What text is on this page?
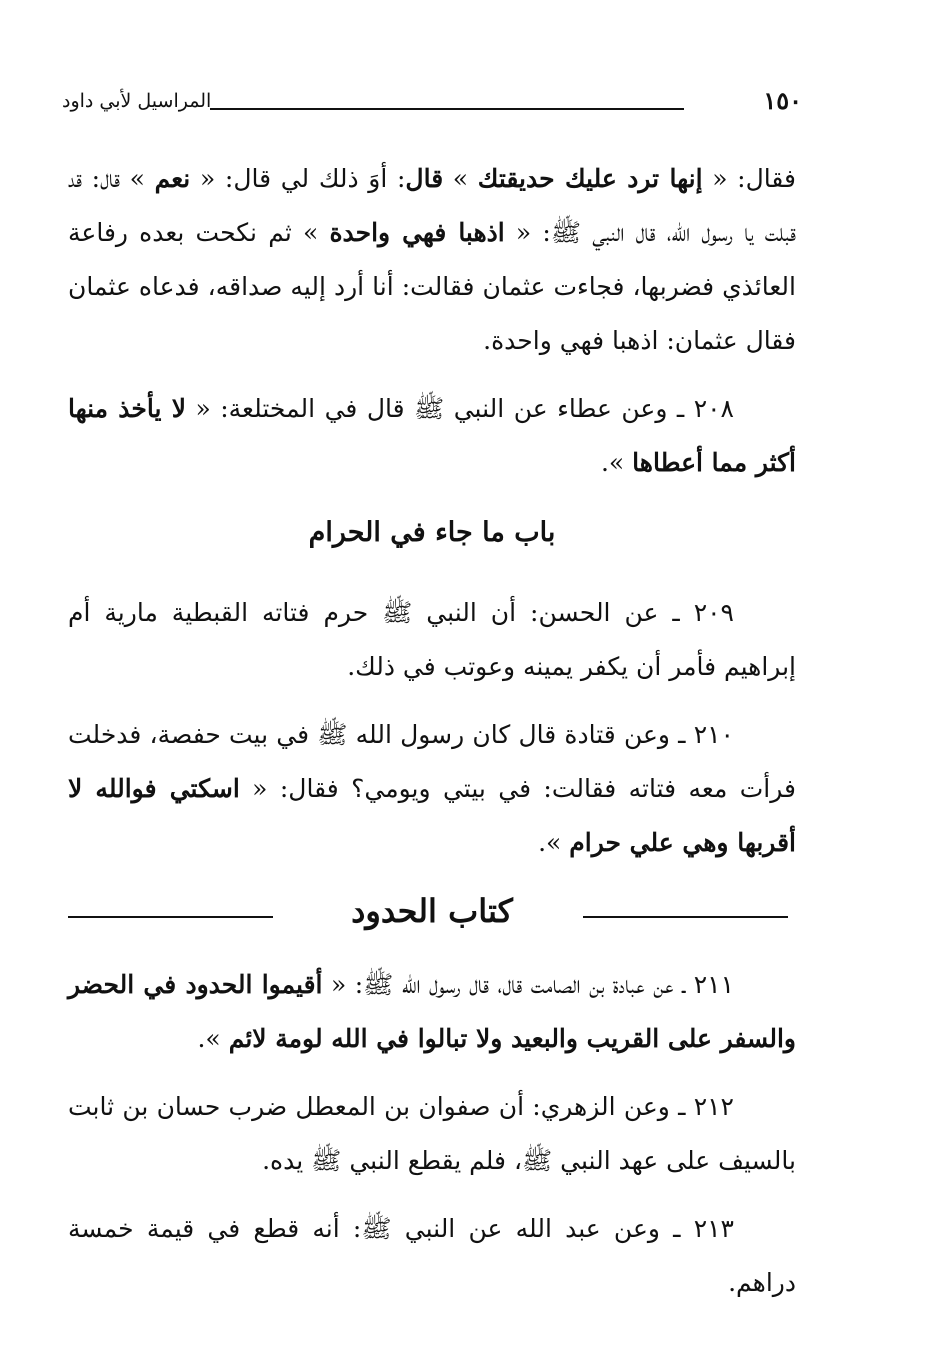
المراسيل لأبي داود	١٥٠

فقال: « إنها ترد عليك حديقتك » قال: أوَ ذلك لي قال: « نعم » قال: قد قبلت يا رسول الله، قال النبي ﷺ: « اذهبا فهي واحدة » ثم نكحت بعده رفاعة العائذي فضربها، فجاءت عثمان فقالت: أنا أرد إليه صداقه، فدعاه عثمان فقال عثمان: اذهبا فهي واحدة.

٢٠٨ ـ وعن عطاء عن النبي ﷺ قال في المختلعة: « لا يأخذ منها أكثر مما أعطاها ».

باب ما جاء في الحرام

٢٠٩ ـ عن الحسن: أن النبي ﷺ حرم فتاته القبطية مارية أم إبراهيم فأمر أن يكفر يمينه وعوتب في ذلك.

٢١٠ ـ وعن قتادة قال كان رسول الله ﷺ في بيت حفصة، فدخلت فرأت معه فتاته فقالت: في بيتي ويومي؟ فقال: « اسكتي فوالله لا أقربها وهي علي حرام ».

كتاب الحدود

٢١١ ـ عن عبادة بن الصامت قال، قال رسول الله ﷺ: « أقيموا الحدود في الحضر والسفر على القريب والبعيد ولا تبالوا في الله لومة لائم ».

٢١٢ ـ وعن الزهري: أن صفوان بن المعطل ضرب حسان بن ثابت بالسيف على عهد النبي ﷺ، فلم يقطع النبي ﷺ يده.

٢١٣ ـ وعن عبد الله عن النبي ﷺ: أنه قطع في قيمة خمسة دراهم.
